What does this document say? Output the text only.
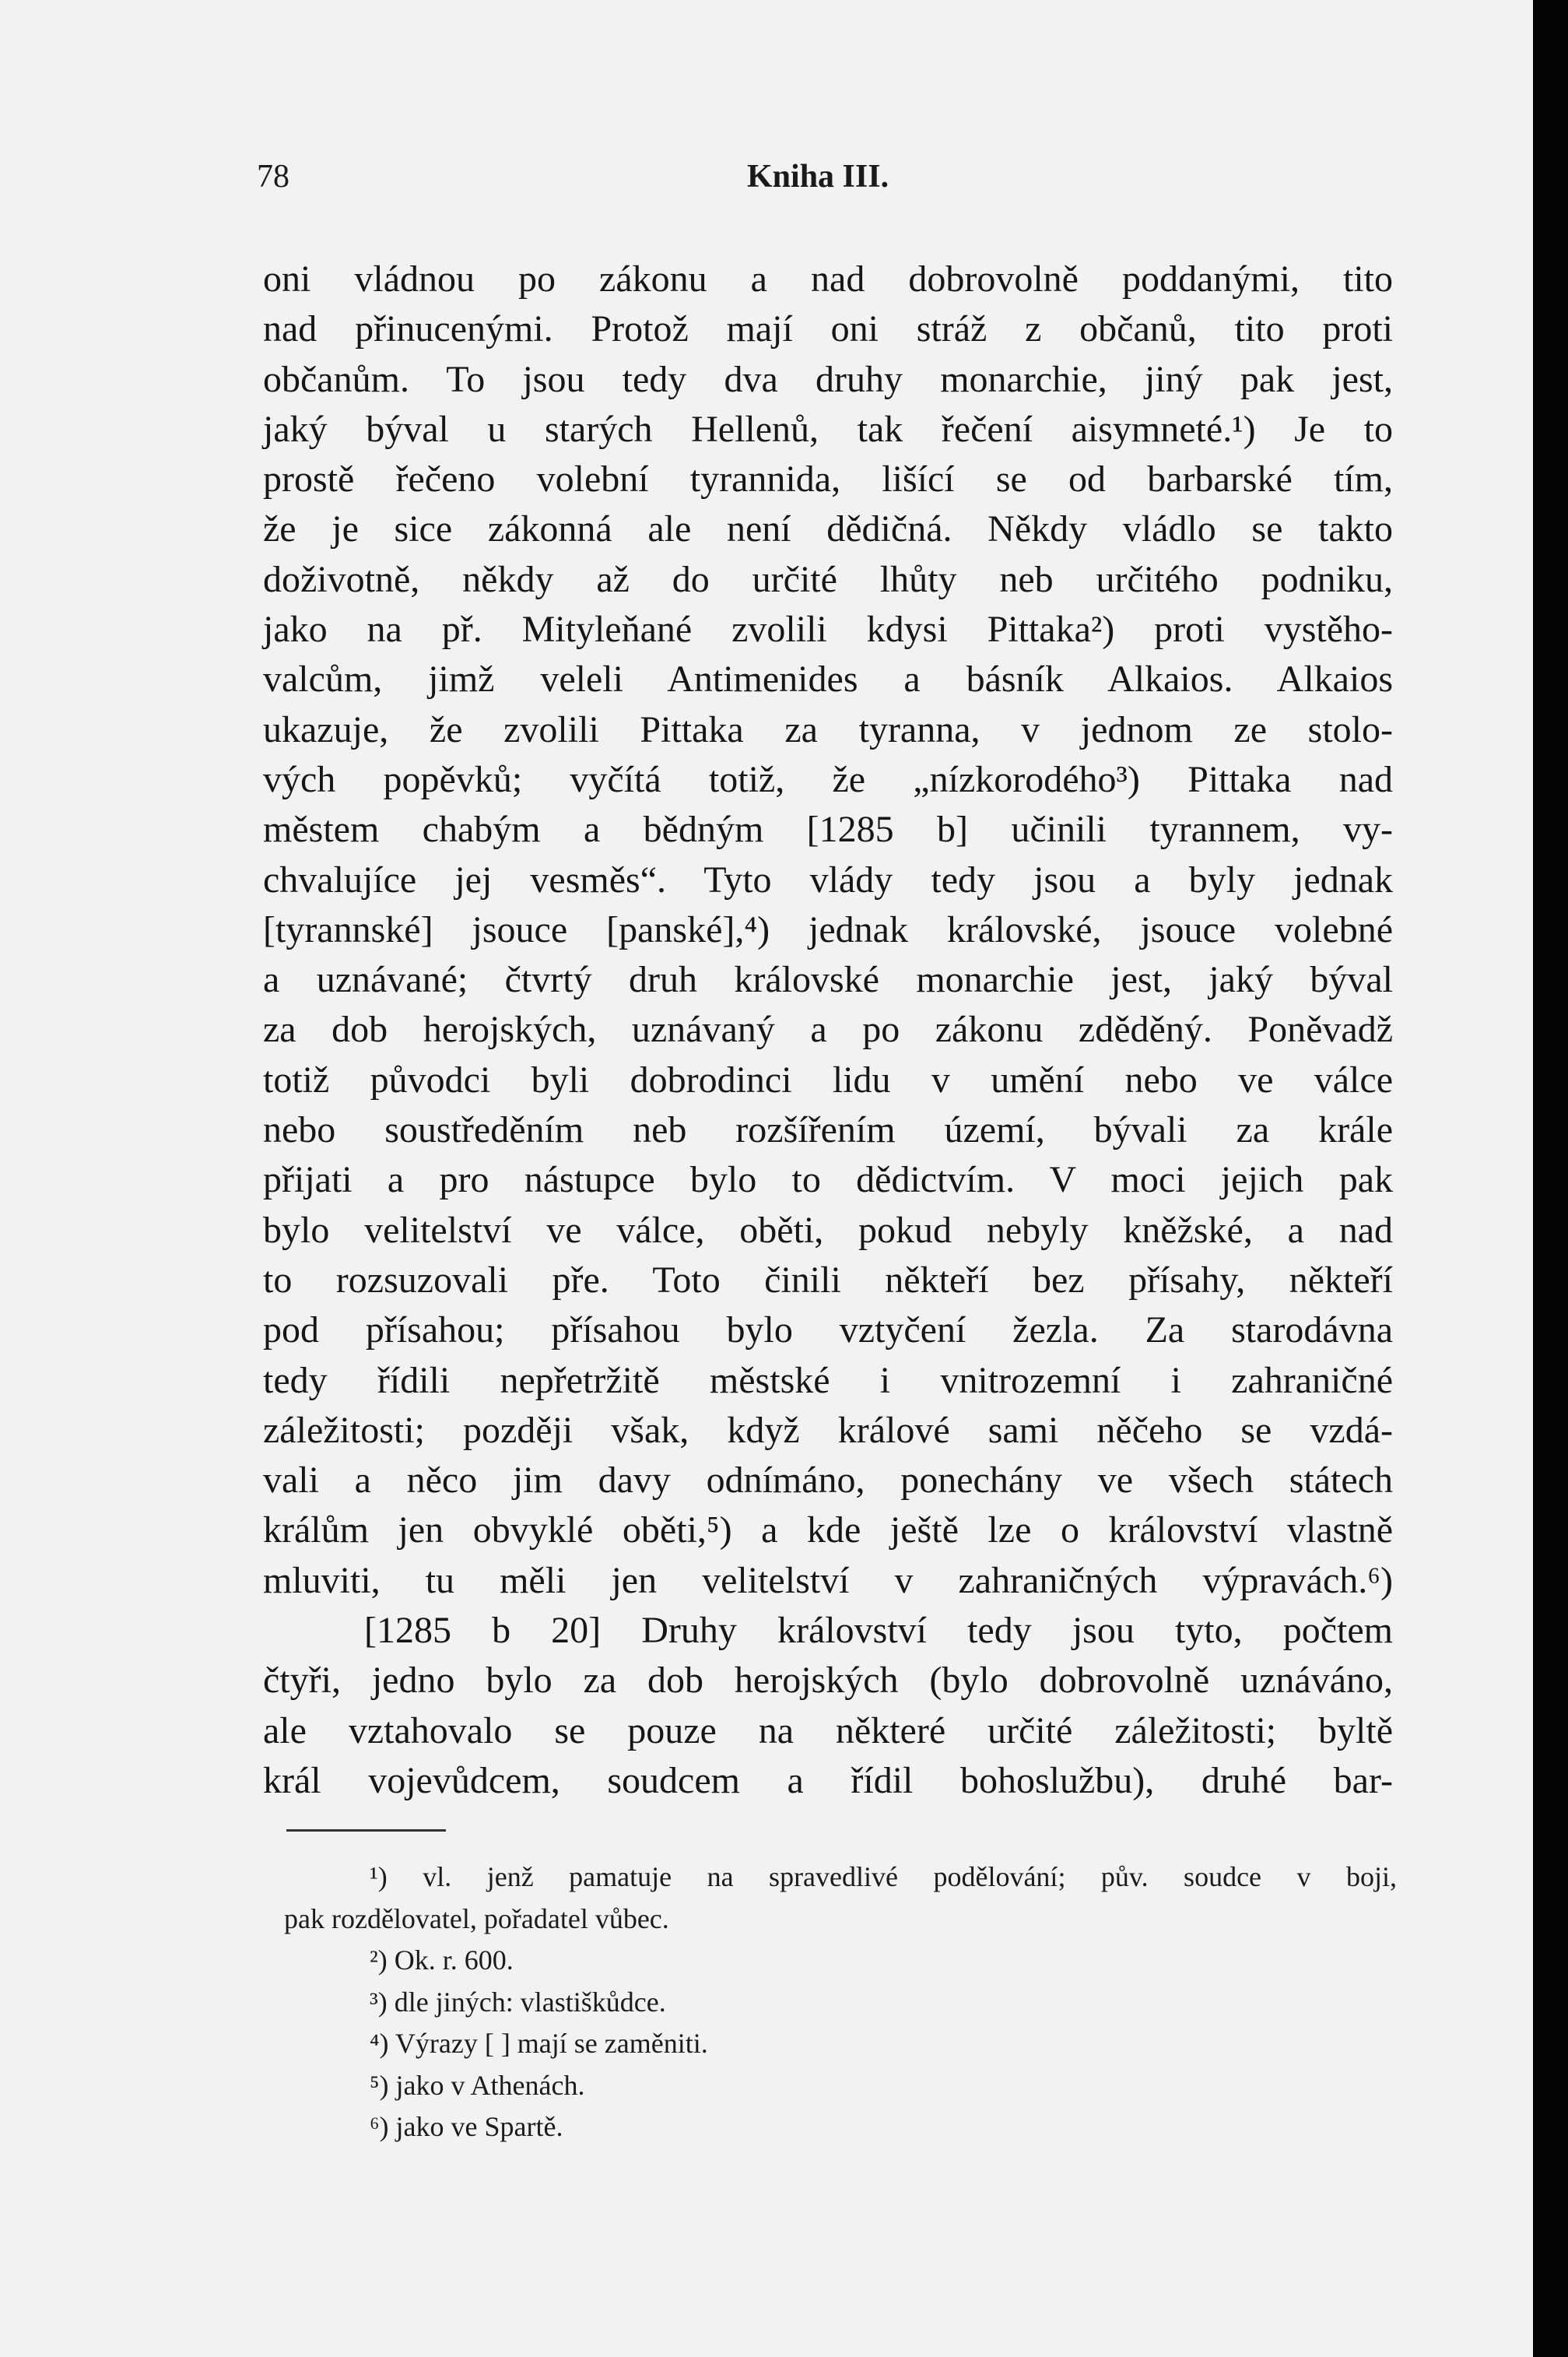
78	Kniha III.
oni vládnou po zákonu a nad dobrovolně poddanými, tito
nad přinucenými. Protož mají oni stráž z občanů, tito proti
občanům. To jsou tedy dva druhy monarchie, jiný pak jest,
jaký býval u starých Hellenů, tak řečení aisymneté.¹) Je to
prostě řečeno volební tyrannida, lišící se od barbarské tím,
že je sice zákonná ale není dědičná. Někdy vládlo se takto
doživotně, někdy až do určité lhůty neb určitého podniku,
jako na př. Mityleňané zvolili kdysi Pittaka²) proti vystěho-
valcům, jimž veleli Antimenides a básník Alkaios. Alkaios
ukazuje, že zvolili Pittaka za tyranna, v jednom ze stolo-
vých popěvků; vyčítá totiž, že „nízkorodého³) Pittaka nad
městem chabým a bědným [1285 b] učinili tyrannem, vy-
chvalujíce jej vesměs“. Tyto vlády tedy jsou a byly jednak
[tyrannské] jsouce [panské],⁴) jednak královské, jsouce volebné
a uznávané; čtvrtý druh královské monarchie jest, jaký býval
za dob herojských, uznávaný a po zákonu zděděný. Poněvadž
totiž původci byli dobrodinci lidu v umění nebo ve válce
nebo soustředěním neb rozšířením území, bývali za krále
přijati a pro nástupce bylo to dědictvím. V moci jejich pak
bylo velitelství ve válce, oběti, pokud nebyly kněžské, a nad
to rozsuzovali pře. Toto činili někteří bez přísahy, někteří
pod přísahou; přísahou bylo vztyčení žezla. Za starodávna
tedy řídili nepřetržitě městské i vnitrozemní i zahraničné
záležitosti; později však, když králové sami něčeho se vzdá-
vali a něco jim davy odnímáno, ponechány ve všech státech
králům jen obvyklé oběti,⁵) a kde ještě lze o království vlastně
mluviti, tu měli jen velitelství v zahraničných výpravách.⁶)
[1285 b 20] Druhy království tedy jsou tyto, počtem
čtyři, jedno bylo za dob herojských (bylo dobrovolně uznáváno,
ale vztahovalo se pouze na některé určité záležitosti; byltě
král vojevůdcem, soudcem a řídil bohoslužbu), druhé bar-
¹) vl. jenž pamatuje na spravedlivé podělování; pův. soudce v boji,
pak rozdělovatel, pořadatel vůbec.
²) Ok. r. 600.
³) dle jiných: vlastiškůdce.
⁴) Výrazy [ ] mají se zaměniti.
⁵) jako v Athenách.
⁶) jako ve Spartě.
